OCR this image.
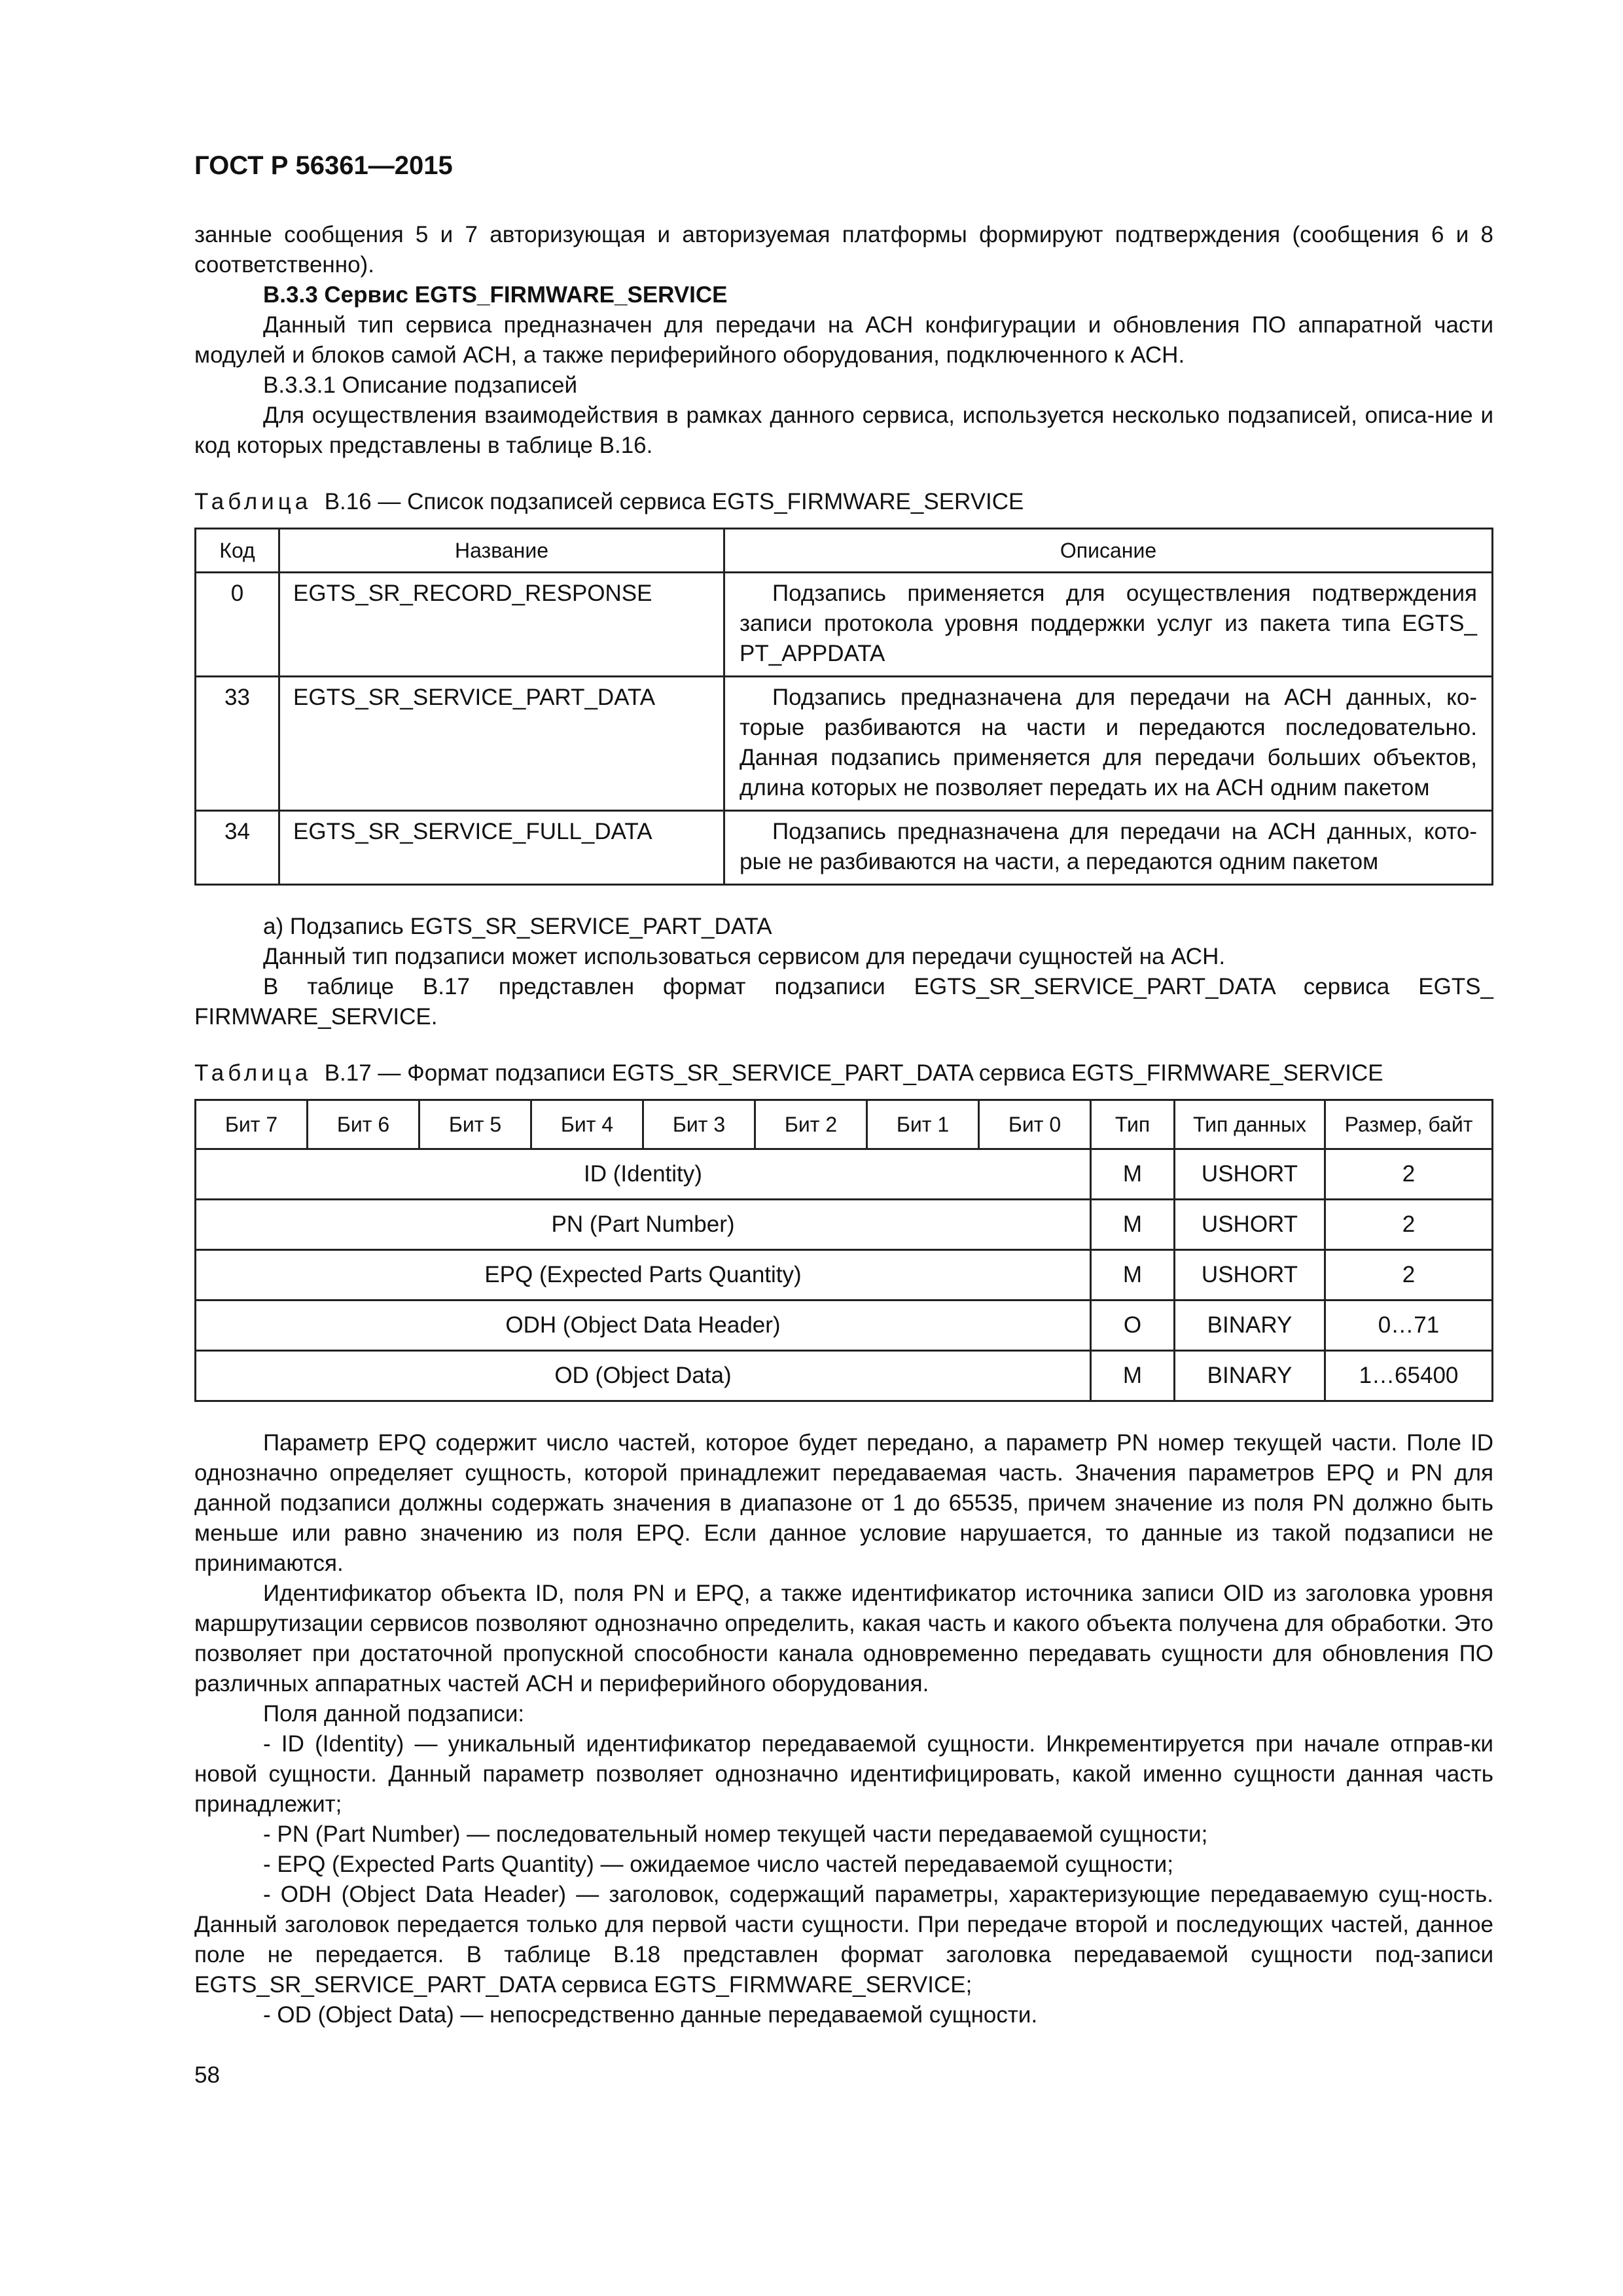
ГОСТ Р 56361—2015

занные сообщения 5 и 7 авторизующая и авторизуемая платформы формируют подтверждения (сообщения 6 и 8 соответственно).

В.3.3 Сервис EGTS_FIRMWARE_SERVICE

Данный тип сервиса предназначен для передачи на АСН конфигурации и обновления ПО аппаратной части модулей и блоков самой АСН, а также периферийного оборудования, подключенного к АСН.

В.3.3.1 Описание подзаписей

Для осуществления взаимодействия в рамках данного сервиса, используется несколько подзаписей, описа-ние и код которых представлены в таблице В.16.

Таблица В.16 — Список подзаписей сервиса EGTS_FIRMWARE_SERVICE
Код	Название	Описание
0	EGTS_SR_RECORD_RESPONSE	Подзапись применяется для осуществления подтверждения записи протокола уровня поддержки услуг из пакета типа EGTS_ PT_APPDATA
33	EGTS_SR_SERVICE_PART_DATA	Подзапись предназначена для передачи на АСН данных, ко-торые разбиваются на части и передаются последовательно. Данная подзапись применяется для передачи больших объектов, длина которых не позволяет передать их на АСН одним пакетом
34	EGTS_SR_SERVICE_FULL_DATA	Подзапись предназначена для передачи на АСН данных, кото-рые не разбиваются на части, а передаются одним пакетом

а) Подзапись EGTS_SR_SERVICE_PART_DATA

Данный тип подзаписи может использоваться сервисом для передачи сущностей на АСН.

В таблице В.17 представлен формат подзаписи EGTS_SR_SERVICE_PART_DATA сервиса EGTS_ FIRMWARE_SERVICE.

Таблица В.17 — Формат подзаписи EGTS_SR_SERVICE_PART_DATA сервиса EGTS_FIRMWARE_SERVICE
Бит 7	Бит 6	Бит 5	Бит 4	Бит 3	Бит 2	Бит 1	Бит 0	Тип	Тип данных	Размер, байт
ID (Identity)								M	USHORT	2
PN (Part Number)								M	USHORT	2
EPQ (Expected Parts Quantity)								M	USHORT	2
ODH (Object Data Header)								O	BINARY	0…71
OD (Object Data)								M	BINARY	1…65400

Параметр EPQ содержит число частей, которое будет передано, а параметр PN номер текущей части. Поле ID однозначно определяет сущность, которой принадлежит передаваемая часть. Значения параметров EPQ и PN для данной подзаписи должны содержать значения в диапазоне от 1 до 65535, причем значение из поля PN должно быть меньше или равно значению из поля EPQ. Если данное условие нарушается, то данные из такой подзаписи не принимаются.

Идентификатор объекта ID, поля PN и EPQ, а также идентификатор источника записи OID из заголовка уровня маршрутизации сервисов позволяют однозначно определить, какая часть и какого объекта получена для обработки. Это позволяет при достаточной пропускной способности канала одновременно передавать сущности для обновления ПО различных аппаратных частей АСН и периферийного оборудования.

Поля данной подзаписи:

- ID (Identity) — уникальный идентификатор передаваемой сущности. Инкрементируется при начале отправ-ки новой сущности. Данный параметр позволяет однозначно идентифицировать, какой именно сущности данная часть принадлежит;

- PN (Part Number) — последовательный номер текущей части передаваемой сущности;

- EPQ (Expected Parts Quantity) — ожидаемое число частей передаваемой сущности;

- ODH (Object Data Header) — заголовок, содержащий параметры, характеризующие передаваемую сущ-ность. Данный заголовок передается только для первой части сущности. При передаче второй и последующих частей, данное поле не передается. В таблице В.18 представлен формат заголовка передаваемой сущности под-записи EGTS_SR_SERVICE_PART_DATA сервиса EGTS_FIRMWARE_SERVICE;

- OD (Object Data) — непосредственно данные передаваемой сущности.

58
